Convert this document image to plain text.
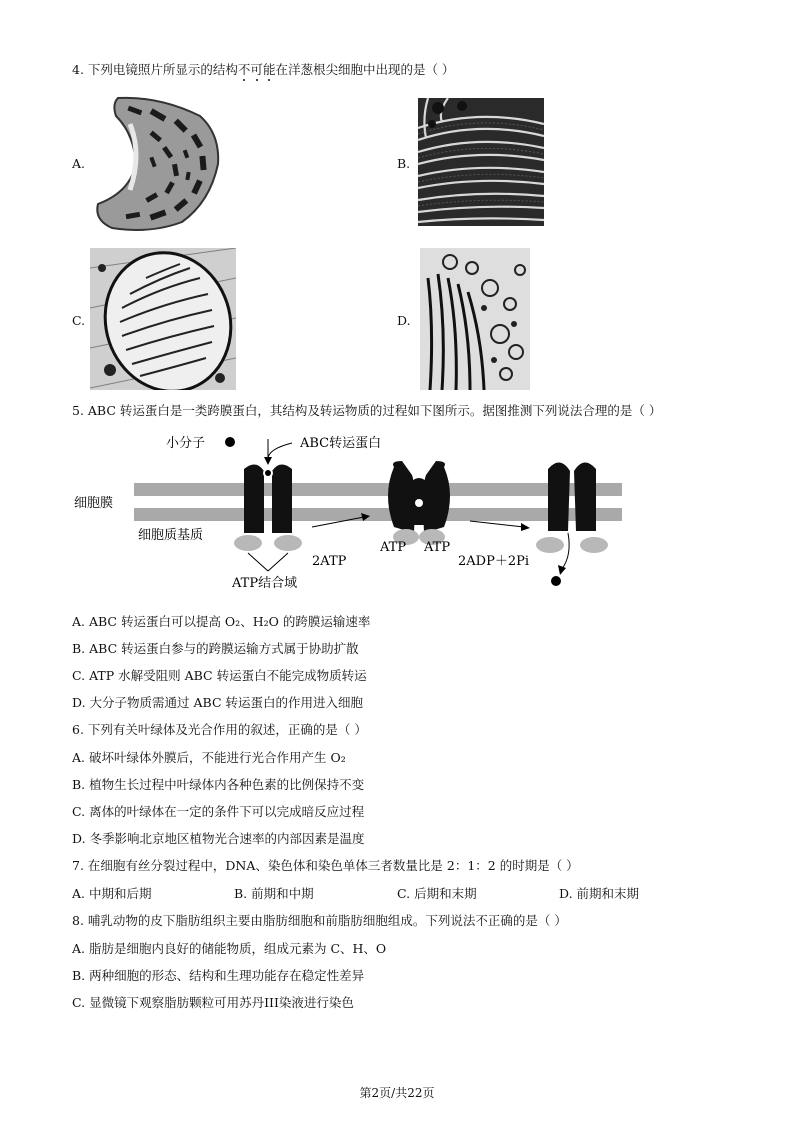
4. 下列电镜照片所显示的结构不可能在洋葱根尖细胞中出现的是（ ）
A.	B.
C.	D.
5. ABC 转运蛋白是一类跨膜蛋白，其结构及转运物质的过程如下图所示。据图推测下列说法合理的是（ ）
细胞膜
细胞质基质
小分子	ABC转运蛋白
ATP结合域
2ATP
ATP ATP
2ADP＋2Pi
A. ABC 转运蛋白可以提高 O₂、H₂O 的跨膜运输速率
B. ABC 转运蛋白参与的跨膜运输方式属于协助扩散
C. ATP 水解受阻则 ABC 转运蛋白不能完成物质转运
D. 大分子物质需通过 ABC 转运蛋白的作用进入细胞
6. 下列有关叶绿体及光合作用的叙述，正确的是（ ）
A. 破坏叶绿体外膜后，不能进行光合作用产生 O₂
B. 植物生长过程中叶绿体内各种色素的比例保持不变
C. 离体的叶绿体在一定的条件下可以完成暗反应过程
D. 冬季影响北京地区植物光合速率的内部因素是温度
7. 在细胞有丝分裂过程中，DNA、染色体和染色单体三者数量比是 2：1：2 的时期是（ ）
A. 中期和后期	B. 前期和中期	C. 后期和末期	D. 前期和末期
8. 哺乳动物的皮下脂肪组织主要由脂肪细胞和前脂肪细胞组成。下列说法不正确的是（ ）
A. 脂肪是细胞内良好的储能物质，组成元素为 C、H、O
B. 两种细胞的形态、结构和生理功能存在稳定性差异
C. 显微镜下观察脂肪颗粒可用苏丹III染液进行染色
第2页/共22页
